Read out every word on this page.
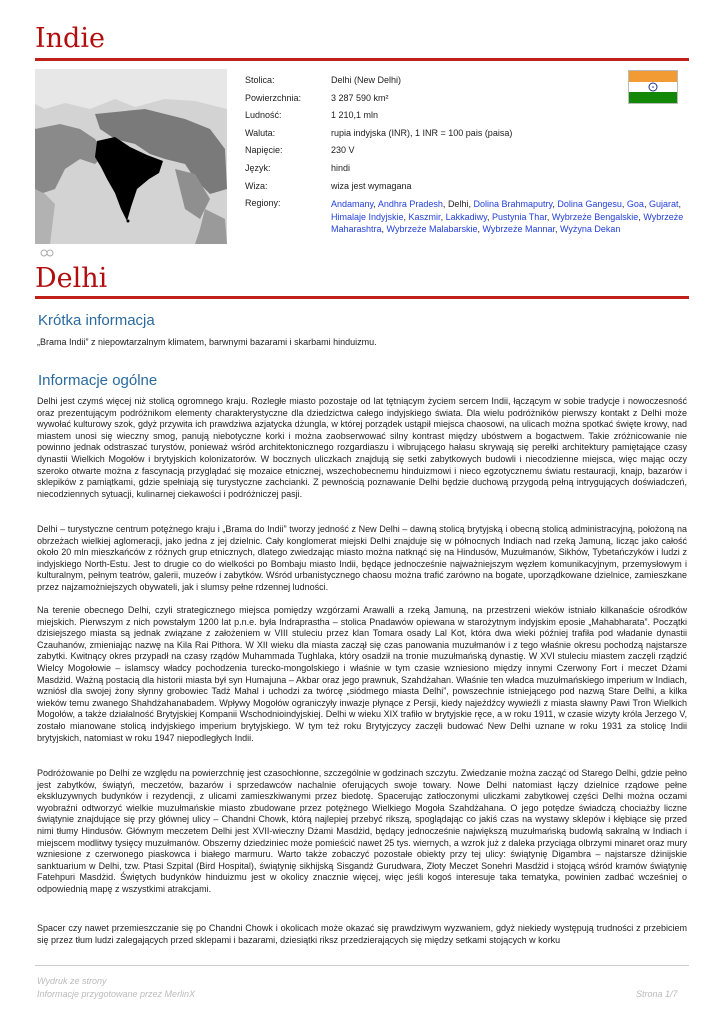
Indie
Stolica:	Delhi (New Delhi)
Powierzchnia:	3 287 590 km²
Ludność:	1 210,1 mln
Waluta:	rupia indyjska (INR), 1 INR = 100 pais (paisa)
Napięcie:	230 V
Język:	hindi
Wiza:	wiza jest wymagana
Regiony:	Andamany, Andhra Pradesh, Delhi, Dolina Brahmaputry, Dolina Gangesu, Goa, Gujarat, Himalaje Indyjskie, Kaszmir, Lakkadiwy, Pustynia Thar, Wybrzeże Bengalskie, Wybrzeże Maharashtra, Wybrzeże Malabarskie, Wybrzeże Mannar, Wyżyna Dekan
Delhi
Krótka informacja
„Brama Indii” z niepowtarzalnym klimatem, barwnymi bazarami i skarbami hinduizmu.
Informacje ogólne
Delhi jest czymś więcej niż stolicą ogromnego kraju. Rozległe miasto pozostaje od lat tętniącym życiem sercem Indii, łączącym w sobie tradycje i nowoczesność oraz prezentującym podróżnikom elementy charakterystyczne dla dziedzictwa całego indyjskiego świata. Dla wielu podróżników pierwszy kontakt z Delhi może wywołać kulturowy szok, gdyż przywita ich prawdziwa azjatycka dżungla, w której porządek ustąpił miejsca chaosowi, na ulicach można spotkać święte krowy, nad miastem unosi się wieczny smog, panują niebotyczne korki i można zaobserwować silny kontrast między ubóstwem a bogactwem. Takie zróżnicowanie nie powinno jednak odstraszać turystów, ponieważ wśród architektonicznego rozgardiaszu i wibrującego hałasu skrywają się perełki architektury pamiętające czasy dynastii Wielkich Mogołów i brytyjskich kolonizatorów. W bocznych uliczkach znajdują się setki zabytkowych budowli i niecodzienne miejsca, więc mając oczy szeroko otwarte można z fascynacją przyglądać się mozaice etnicznej, wszechobecnemu hinduizmowi i nieco egzotycznemu światu restauracji, knajp, bazarów i sklepików z pamiątkami, gdzie spełniają się turystyczne zachcianki. Z pewnością poznawanie Delhi będzie duchową przygodą pełną intrygujących doświadczeń, niecodziennych sytuacji, kulinarnej ciekawości i podróżniczej pasji.
Delhi – turystyczne centrum potężnego kraju i „Brama do Indii” tworzy jedność z New Delhi – dawną stolicą brytyjską i obecną stolicą administracyjną, położoną na obrzeżach wielkiej aglomeracji, jako jedna z jej dzielnic. Cały konglomerat miejski Delhi znajduje się w północnych Indiach nad rzeką Jamuną, licząc jako całość około 20 mln mieszkańców z różnych grup etnicznych, dlatego zwiedzając miasto można natknąć się na Hindusów, Muzułmanów, Sikhów, Tybetańczyków i ludzi z indyjskiego North-Estu. Jest to drugie co do wielkości po Bombaju miasto Indii, będące jednocześnie najważniejszym węzłem komunikacyjnym, przemysłowym i kulturalnym, pełnym teatrów, galerii, muzeów i zabytków. Wśród urbanistycznego chaosu można trafić zarówno na bogate, uporządkowane dzielnice, zamieszkane przez najzamożniejszych obywateli, jak i slumsy pełne rdzennej ludności.
Na terenie obecnego Delhi, czyli strategicznego miejsca pomiędzy wzgórzami Arawalli a rzeką Jamuną, na przestrzeni wieków istniało kilkanaście ośrodków miejskich. Pierwszym z nich powstałym 1200 lat p.n.e. była Indraprastha – stolica Pnadawów opiewana w starożytnym indyjskim eposie „Mahabharata”. Początki dzisiejszego miasta są jednak związane z założeniem w VIII stuleciu przez klan Tomara osady Lal Kot, która dwa wieki później trafiła pod władanie dynastii Czauhanów, zmieniając nazwę na Kila Rai Pithora. W XII wieku dla miasta zaczął się czas panowania muzułmanów i z tego właśnie okresu pochodzą najstarsze zabytki. Kwitnący okres przypadł na czasy rządów Muhammada Tughlaka, który osadził na tronie muzułmańską dynastię. W XVI stuleciu miastem zaczęli rządzić Wielcy Mogołowie – islamscy władcy pochodzenia turecko-mongolskiego i właśnie w tym czasie wzniesiono między innymi Czerwony Fort i meczet Dżami Masdżid. Ważną postacią dla historii miasta był syn Humajuna – Akbar oraz jego prawnuk, Szahdżahan. Właśnie ten władca muzułmańskiego imperium w Indiach, wzniósł dla swojej żony słynny grobowiec Tadż Mahal i uchodzi za twórcę „siódmego miasta Delhi”, powszechnie istniejącego pod nazwą Stare Delhi, a kilka wieków temu zwanego Shahdżahanabadem. Wpływy Mogołów ograniczyły inwazje płynące z Persji, kiedy najeźdźcy wywieźli z miasta sławny Pawi Tron Wielkich Mogołów, a także działalność Brytyjskiej Kompanii Wschodnioindyjskiej. Delhi w wieku XIX trafiło w brytyjskie ręce, a w roku 1911, w czasie wizyty króla Jerzego V, zostało mianowane stolicą indyjskiego imperium brytyjskiego. W tym też roku Brytyjczycy zaczęli budować New Delhi uznane w roku 1931 za stolicę Indii brytyjskich, natomiast w roku 1947 niepodległych Indii.
Podróżowanie po Delhi ze względu na powierzchnię jest czasochłonne, szczególnie w godzinach szczytu. Zwiedzanie można zacząć od Starego Delhi, gdzie pełno jest zabytków, świątyń, meczetów, bazarów i sprzedawców nachalnie oferujących swoje towary. Nowe Delhi natomiast łączy dzielnice rządowe pełne ekskluzywnych budynków i rezydencji, z ulicami zamieszkiwanymi przez biedotę. Spacerując zatłoczonymi uliczkami zabytkowej części Delhi można oczami wyobraźni odtworzyć wielkie muzułmańskie miasto zbudowane przez potężnego Wielkiego Mogoła Szahdżahana. O jego potędze świadczą chociażby liczne świątynie znajdujące się przy głównej ulicy – Chandni Chowk, którą najlepiej przebyć rikszą, spoglądając co jakiś czas na wystawy sklepów i kłębiące się przed nimi tłumy Hindusów. Głównym meczetem Delhi jest XVII-wieczny Dżami Masdżid, będący jednocześnie największą muzułmańską budowlą sakralną w Indiach i miejscem modlitwy tysięcy muzułmanów. Obszerny dziedziniec może pomieścić nawet 25 tys. wiernych, a wzrok już z daleka przyciąga olbrzymi minaret oraz mury wzniesione z czerwonego piaskowca i białego marmuru. Warto także zobaczyć pozostałe obiekty przy tej ulicy: świątynię Digambra – najstarsze dżinijskie sanktuarium w Delhi, tzw. Ptasi Szpital (Bird Hospital), świątynię sikhijską Sisgandż Gurudwara, Złoty Meczet Sonehri Masdżid i stojącą wśród kramów świątynię Fatehpuri Masdżid. Świętych budynków hinduizmu jest w okolicy znacznie więcej, więc jeśli kogoś interesuje taka tematyka, powinien zadbać wcześniej o odpowiednią mapę z wszystkimi atrakcjami.
Spacer czy nawet przemieszczanie się po Chandni Chowk i okolicach może okazać się prawdziwym wyzwaniem, gdyż niekiedy występują trudności z przebiciem się przez tłum ludzi zalegających przed sklepami i bazarami, dziesiątki riksz przedzierających się między setkami stojących w korku
Wydruk ze strony
Informacje przygotowane przez MerlinX	Strona 1/7
